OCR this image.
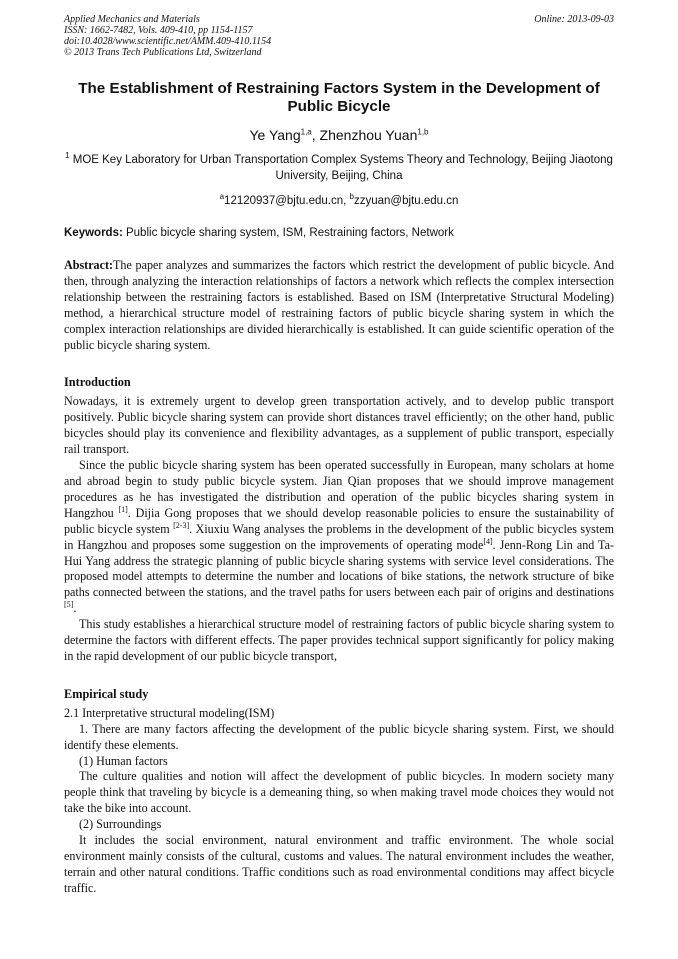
Applied Mechanics and Materials
ISSN: 1662-7482, Vols. 409-410, pp 1154-1157
doi:10.4028/www.scientific.net/AMM.409-410.1154
© 2013 Trans Tech Publications Ltd, Switzerland
Online: 2013-09-03
The Establishment of Restraining Factors System in the Development of Public Bicycle
Ye Yang$^{1,a}$, Zhenzhou Yuan$^{1,b}$
$^1$ MOE Key Laboratory for Urban Transportation Complex Systems Theory and Technology, Beijing Jiaotong University, Beijing, China
$^a$12120937@bjtu.edu.cn, $^b$zzyuan@bjtu.edu.cn
Keywords: Public bicycle sharing system, ISM, Restraining factors, Network

Abstract:The paper analyzes and summarizes the factors which restrict the development of public bicycle. And then, through analyzing the interaction relationships of factors a network which reflects the complex intersection relationship between the restraining factors is established. Based on ISM (Interpretative Structural Modeling) method, a hierarchical structure model of restraining factors of public bicycle sharing system in which the complex interaction relationships are divided hierarchically is established. It can guide scientific operation of the public bicycle sharing system.

Introduction

Nowadays, it is extremely urgent to develop green transportation actively, and to develop public transport positively. Public bicycle sharing system can provide short distances travel efficiently; on the other hand, public bicycles should play its convenience and flexibility advantages, as a supplement of public transport, especially rail transport.

Since the public bicycle sharing system has been operated successfully in European, many scholars at home and abroad begin to study public bicycle system. Jian Qian proposes that we should improve management procedures as he has investigated the distribution and operation of the public bicycles sharing system in Hangzhou [1]. Dijia Gong proposes that we should develop reasonable policies to ensure the sustainability of public bicycle system [2-3]. Xiuxiu Wang analyses the problems in the development of the public bicycles system in Hangzhou and proposes some suggestion on the improvements of operating mode[4]. Jenn-Rong Lin and Ta-Hui Yang address the strategic planning of public bicycle sharing systems with service level considerations. The proposed model attempts to determine the number and locations of bike stations, the network structure of bike paths connected between the stations, and the travel paths for users between each pair of origins and destinations [5].

This study establishes a hierarchical structure model of restraining factors of public bicycle sharing system to determine the factors with different effects. The paper provides technical support significantly for policy making in the rapid development of our public bicycle transport,

Empirical study

2.1 Interpretative structural modeling(ISM)

1. There are many factors affecting the development of the public bicycle sharing system. First, we should identify these elements.

(1) Human factors

The culture qualities and notion will affect the development of public bicycles. In modern society many people think that traveling by bicycle is a demeaning thing, so when making travel mode choices they would not take the bike into account.

(2) Surroundings

It includes the social environment, natural environment and traffic environment. The whole social environment mainly consists of the cultural, customs and values. The natural environment includes the weather, terrain and other natural conditions. Traffic conditions such as road environmental conditions may affect bicycle traffic.
